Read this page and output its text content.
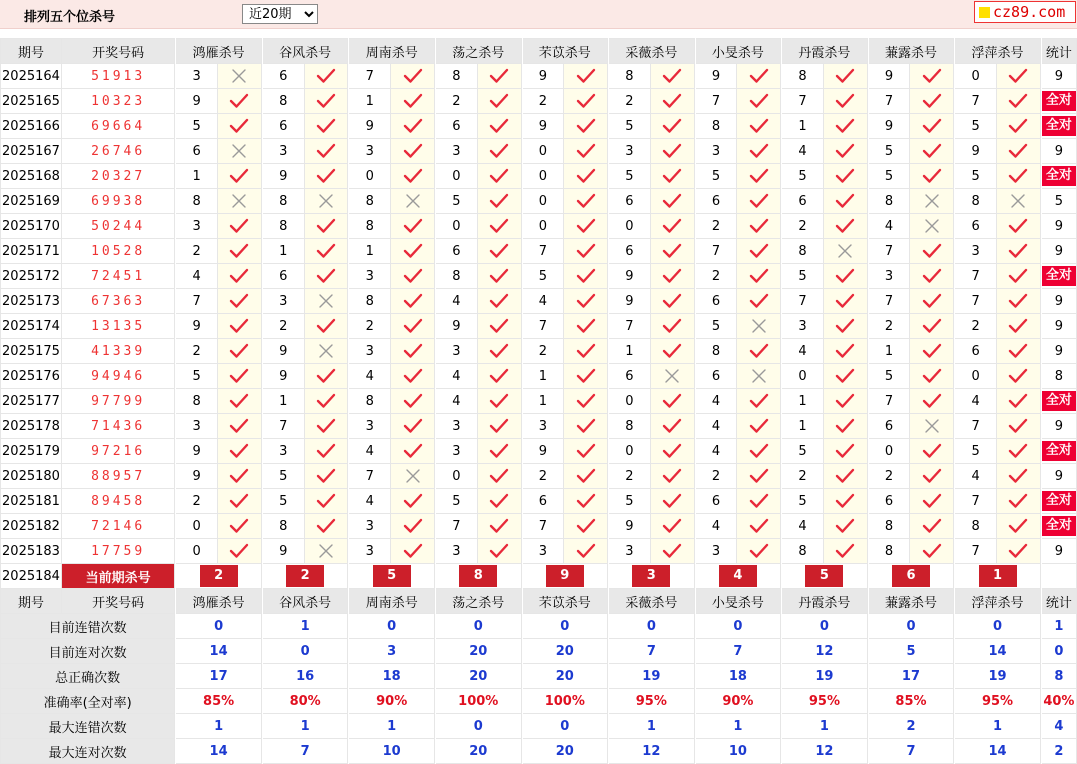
排列五个位杀号
近20期	cz89.com
期号	开奖号码		鸿雁杀号		谷风杀号		周南杀号		荡之杀号		芣苡杀号		采薇杀号		小旻杀号		丹霞杀号		蒹露杀号		浮萍杀号		统计
2025164	51913		3			6			7			8			9			8			9			8			9			0			9
2025165	10323		9			8			1			2			2			2			7			7			7			7			全对
2025166	69664		5			6			9			6			9			5			8			1			9			5			全对
2025167	26746		6			3			3			3			0			3			3			4			5			9			9
2025168	20327		1			9			0			0			0			5			5			5			5			5			全对
2025169	69938		8			8			8			5			0			6			6			6			8			8			5
2025170	50244		3			8			8			0			0			0			2			2			4			6			9
2025171	10528		2			1			1			6			7			6			7			8			7			3			9
2025172	72451		4			6			3			8			5			9			2			5			3			7			全对
2025173	67363		7			3			8			4			4			9			6			7			7			7			9
2025174	13135		9			2			2			9			7			7			5			3			2			2			9
2025175	41339		2			9			3			3			2			1			8			4			1			6			9
2025176	94946		5			9			4			4			1			6			6			0			5			0			8
2025177	97799		8			1			8			4			1			0			4			1			7			4			全对
2025178	71436		3			7			3			3			3			8			4			1			6			7			9
2025179	97216		9			3			4			3			9			0			4			5			0			5			全对
2025180	88957		9			5			7			0			2			2			2			2			2			4			9
2025181	89458		2			5			4			5			6			5			6			5			6			7			全对
2025182	72146		0			8			3			7			7			9			4			4			8			8			全对
2025183	17759		0			9			3			3			3			3			3			8			8			7			9
2025184	当前期杀号		2		2		5		8		9		3		4		5		6		1		
期号	开奖号码		鸿雁杀号		谷风杀号		周南杀号		荡之杀号		芣苡杀号		采薇杀号		小旻杀号		丹霞杀号		蒹露杀号		浮萍杀号		统计
目前连错次数		0		1		0		0		0		0		0		0		0		0		1
目前连对次数		14		0		3		20		20		7		7		12		5		14		0
总正确次数		17		16		18		20		20		19		18		19		17		19		8
准确率(全对率)		85%		80%		90%		100%		100%		95%		90%		95%		85%		95%		40%
最大连错次数		1		1		1		0		0		1		1		1		2		1		4
最大连对次数		14		7		10		20		20		12		10		12		7		14		2
